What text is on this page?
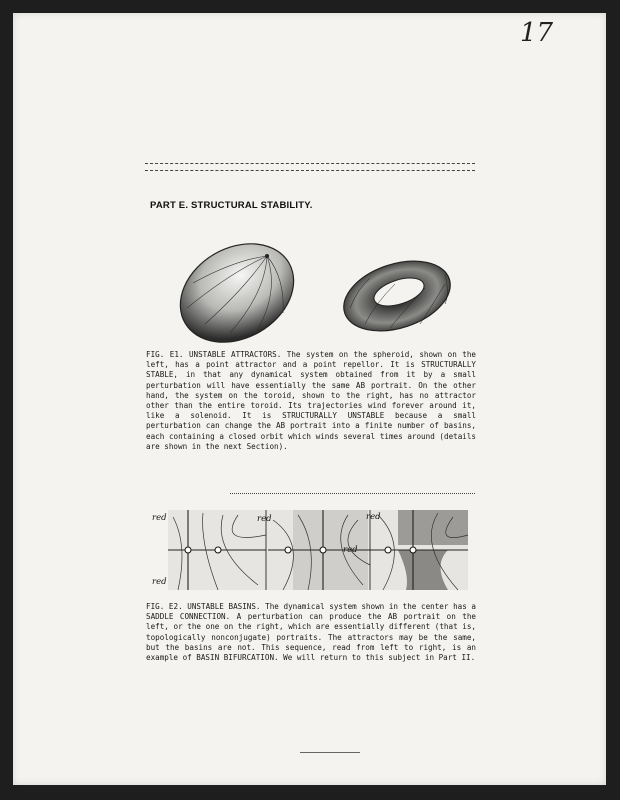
17
PART E. STRUCTURAL STABILITY.
FIG. E1. UNSTABLE ATTRACTORS. The system on the spheroid, shown on the left, has a point attractor and a point repellor. It is STRUCTURALLY STABLE, in that any dynamical system obtained from it by a small perturbation will have essentially the same AB portrait. On the other hand, the system on the toroid, shown to the right, has no attractor other than the entire toroid. Its trajectories wind forever around it, like a solenoid. It is STRUCTURALLY UNSTABLE because a small perturbation can change the AB portrait into a finite number of basins, each containing a closed orbit which winds several times around (details are shown in the next Section).
red
red
red	red
red
FIG. E2. UNSTABLE BASINS. The dynamical system shown in the center has a SADDLE CONNECTION. A perturbation can produce the AB portrait on the left, or the one on the right, which are essentially different (that is, topologically nonconjugate) portraits. The attractors may be the same, but the basins are not. This sequence, read from left to right, is an example of BASIN BIFURCATION. We will return to this subject in Part II.
